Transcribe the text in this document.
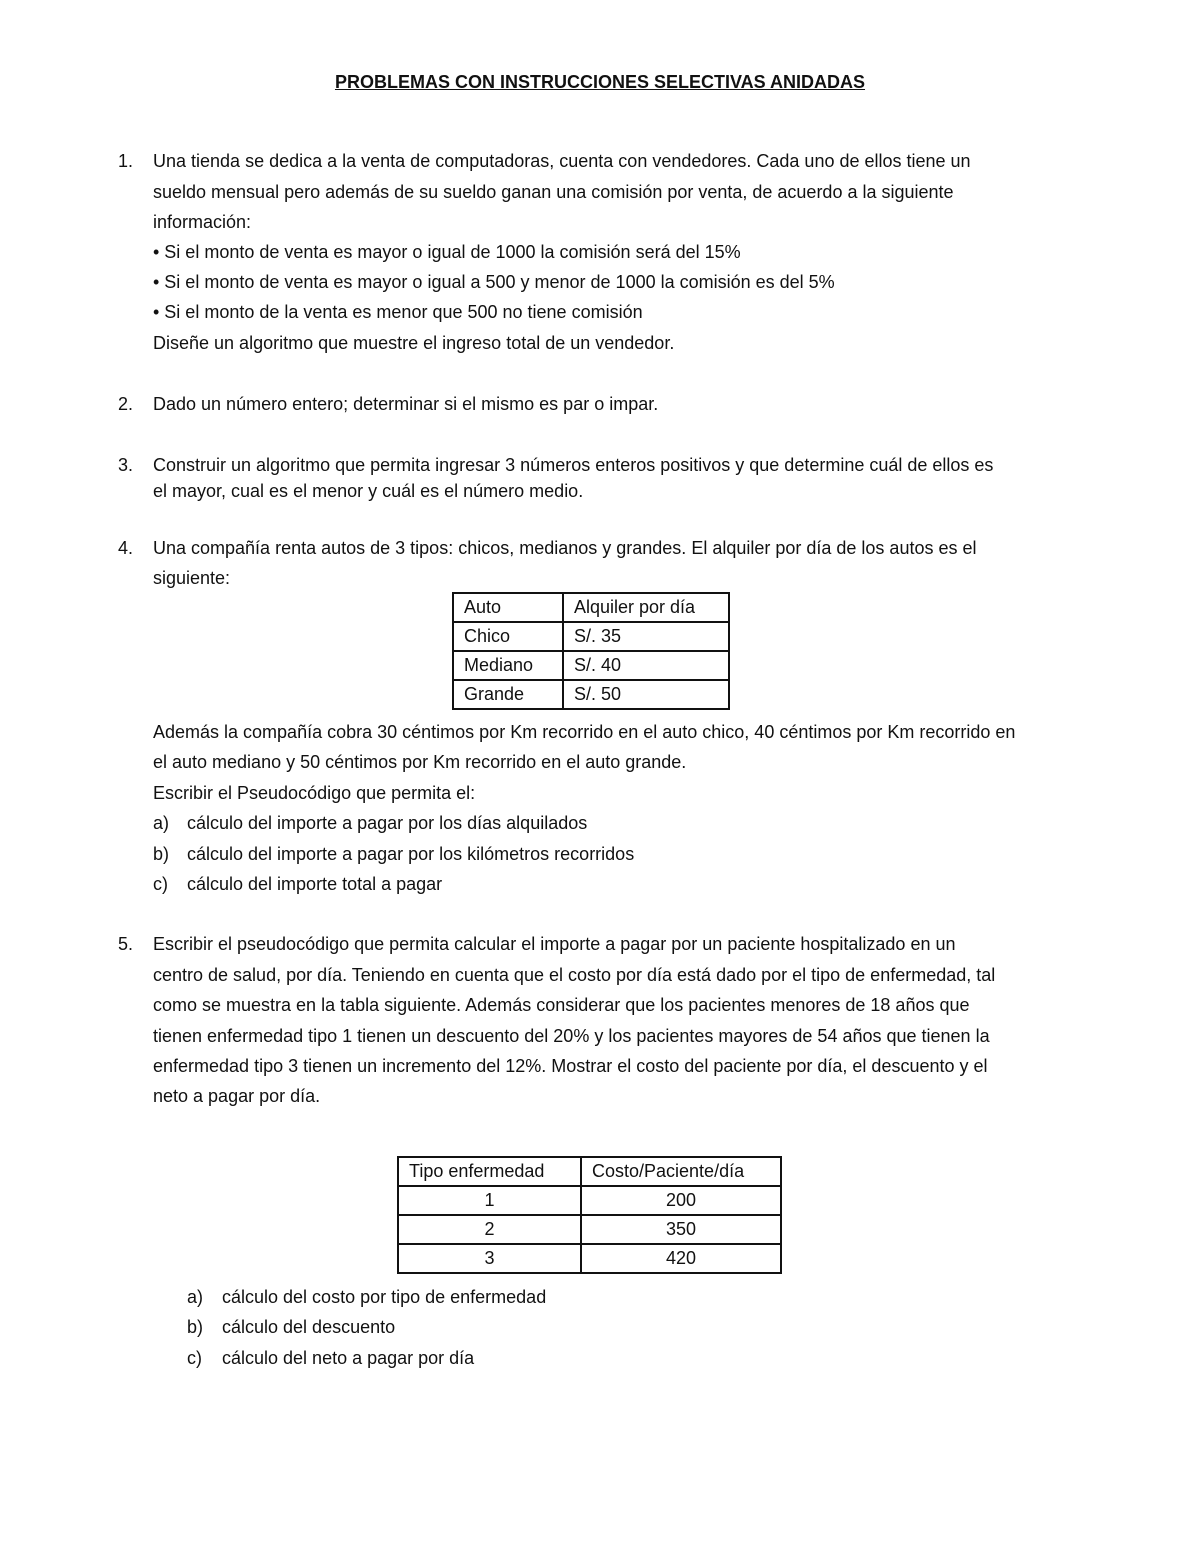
PROBLEMAS CON INSTRUCCIONES SELECTIVAS ANIDADAS
1.	Una tienda se dedica a la venta de computadoras, cuenta con vendedores. Cada uno de ellos tiene un
sueldo mensual pero además de su sueldo ganan una comisión por venta, de acuerdo a la siguiente
información:
• Si el monto de venta es mayor o igual de 1000 la comisión será del 15%
• Si el monto de venta es mayor o igual a 500 y menor de 1000 la comisión es del 5%
• Si el monto de la venta es menor que 500 no tiene comisión
Diseñe un algoritmo que muestre el ingreso total de un vendedor.
2.	Dado un número entero; determinar si el mismo es par o impar.
3.	Construir un algoritmo que permita ingresar 3 números enteros positivos y que determine cuál de ellos es
el mayor, cual es el menor y cuál es el número medio.
4.	Una compañía renta autos de 3 tipos: chicos, medianos y grandes. El alquiler por día de los autos es el
siguiente:
Auto	Alquiler por día
Chico	S/. 35
Mediano	S/. 40
Grande	S/. 50
Además la compañía cobra 30 céntimos por Km recorrido en el auto chico, 40 céntimos por Km recorrido en
el auto mediano y 50 céntimos por Km recorrido en el auto grande.
Escribir el Pseudocódigo que permita el:
a) cálculo del importe a pagar por los días alquilados
b) cálculo del importe a pagar por los kilómetros recorridos
c)	cálculo del importe total a pagar
5.	Escribir el pseudocódigo que permita calcular el importe a pagar por un paciente hospitalizado en un
centro de salud, por día. Teniendo en cuenta que el costo por día está dado por el tipo de enfermedad, tal
como se muestra en la tabla siguiente. Además considerar que los pacientes menores de 18 años que
tienen enfermedad tipo 1 tienen un descuento del 20% y los pacientes mayores de 54 años que tienen la
enfermedad tipo 3 tienen un incremento del 12%. Mostrar el costo del paciente por día, el descuento y el
neto a pagar por día.
Tipo enfermedad	Costo/Paciente/día
1	200
2	350
3	420
a)	cálculo del costo por tipo de enfermedad
b)	cálculo del descuento
c)	cálculo del neto a pagar por día
